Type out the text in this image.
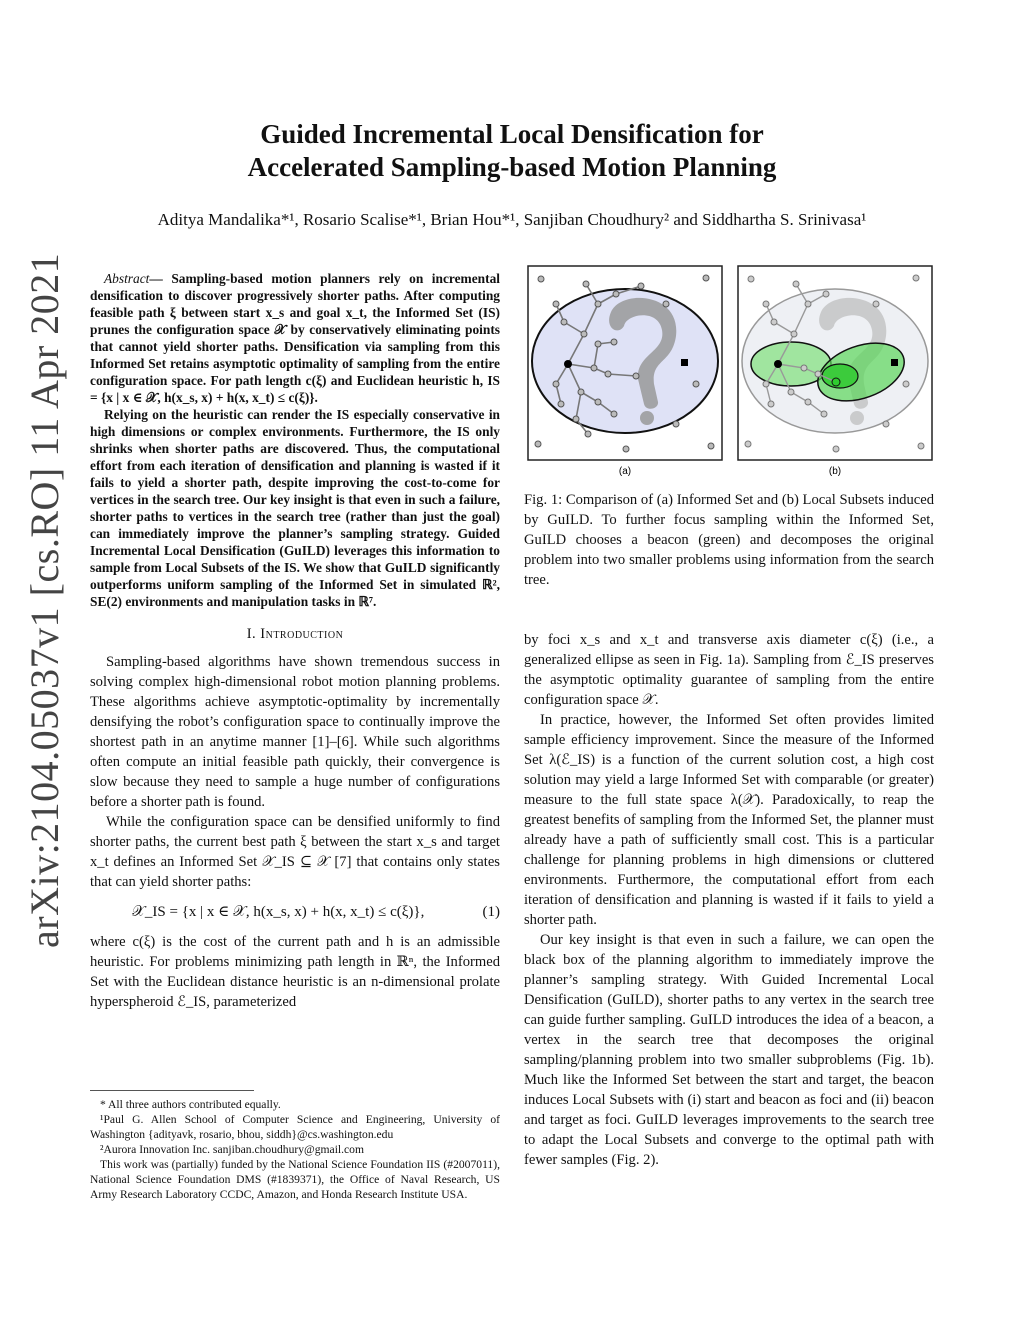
arXiv:2104.05037v1 [cs.RO] 11 Apr 2021
Guided Incremental Local Densification for
Accelerated Sampling-based Motion Planning
Aditya Mandalika*¹, Rosario Scalise*¹, Brian Hou*¹, Sanjiban Choudhury² and Siddhartha S. Srinivasa¹

Abstract— Sampling-based motion planners rely on incremental densification to discover progressively shorter paths. After computing feasible path ξ between start x_s and goal x_t, the Informed Set (IS) prunes the configuration space 𝒳 by conservatively eliminating points that cannot yield shorter paths. Densification via sampling from this Informed Set retains asymptotic optimality of sampling from the entire configuration space. For path length c(ξ) and Euclidean heuristic h, IS = {x | x ∈ 𝒳, h(x_s, x) + h(x, x_t) ≤ c(ξ)}.

Relying on the heuristic can render the IS especially conservative in high dimensions or complex environments. Furthermore, the IS only shrinks when shorter paths are discovered. Thus, the computational effort from each iteration of densification and planning is wasted if it fails to yield a shorter path, despite improving the cost-to-come for vertices in the search tree. Our key insight is that even in such a failure, shorter paths to vertices in the search tree (rather than just the goal) can immediately improve the planner’s sampling strategy. Guided Incremental Local Densification (GuILD) leverages this information to sample from Local Subsets of the IS. We show that GuILD significantly outperforms uniform sampling of the Informed Set in simulated ℝ², SE(2) environments and manipulation tasks in ℝ⁷.

I. Introduction

Sampling-based algorithms have shown tremendous success in solving complex high-dimensional robot motion planning problems. These algorithms achieve asymptotic-optimality by incrementally densifying the robot’s configuration space to continually improve the shortest path in an anytime manner [1]–[6]. While such algorithms often compute an initial feasible path quickly, their convergence is slow because they need to sample a huge number of configurations before a shorter path is found.

While the configuration space can be densified uniformly to find shorter paths, the current best path ξ between the start x_s and target x_t defines an Informed Set 𝒳_IS ⊆ 𝒳 [7] that contains only states that can yield shorter paths:

𝒳_IS = {x | x ∈ 𝒳, h(x_s, x) + h(x, x_t) ≤ c(ξ)},	(1)

where c(ξ) is the cost of the current path and h is an admissible heuristic. For problems minimizing path length in ℝⁿ, the Informed Set with the Euclidean distance heuristic is an n-dimensional prolate hyperspheroid ℰ_IS, parameterized

* All three authors contributed equally.

¹Paul G. Allen School of Computer Science and Engineering, University of Washington {adityavk, rosario, bhou, siddh}@cs.washington.edu

²Aurora Innovation Inc. sanjiban.choudhury@gmail.com

This work was (partially) funded by the National Science Foundation IIS (#2007011), National Science Foundation DMS (#1839371), the Office of Naval Research, US Army Research Laboratory CCDC, Amazon, and Honda Research Institute USA.

(a)	(b)
Fig. 1: Comparison of (a) Informed Set and (b) Local Subsets induced by GuILD. To further focus sampling within the Informed Set, GuILD chooses a beacon (green) and decomposes the original problem into two smaller problems using information from the search tree.

by foci x_s and x_t and transverse axis diameter c(ξ) (i.e., a generalized ellipse as seen in Fig. 1a). Sampling from ℰ_IS preserves the asymptotic optimality guarantee of sampling from the entire configuration space 𝒳.

In practice, however, the Informed Set often provides limited sample efficiency improvement. Since the measure of the Informed Set λ(ℰ_IS) is a function of the current solution cost, a high cost solution may yield a large Informed Set with comparable (or greater) measure to the full state space λ(𝒳). Paradoxically, to reap the greatest benefits of sampling from the Informed Set, the planner must already have a path of sufficiently small cost. This is a particular challenge for planning problems in high dimensions or cluttered environments. Furthermore, the computational effort from each iteration of densification and planning is wasted if it fails to yield a shorter path.

Our key insight is that even in such a failure, we can open the black box of the planning algorithm to immediately improve the planner’s sampling strategy. With Guided Incremental Local Densification (GuILD), shorter paths to any vertex in the search tree can guide further sampling. GuILD introduces the idea of a beacon, a vertex in the search tree that decomposes the original sampling/planning problem into two smaller subproblems (Fig. 1b). Much like the Informed Set between the start and target, the beacon induces Local Subsets with (i) start and beacon as foci and (ii) beacon and target as foci. GuILD leverages improvements to the search tree to adapt the Local Subsets and converge to the optimal path with fewer samples (Fig. 2).
